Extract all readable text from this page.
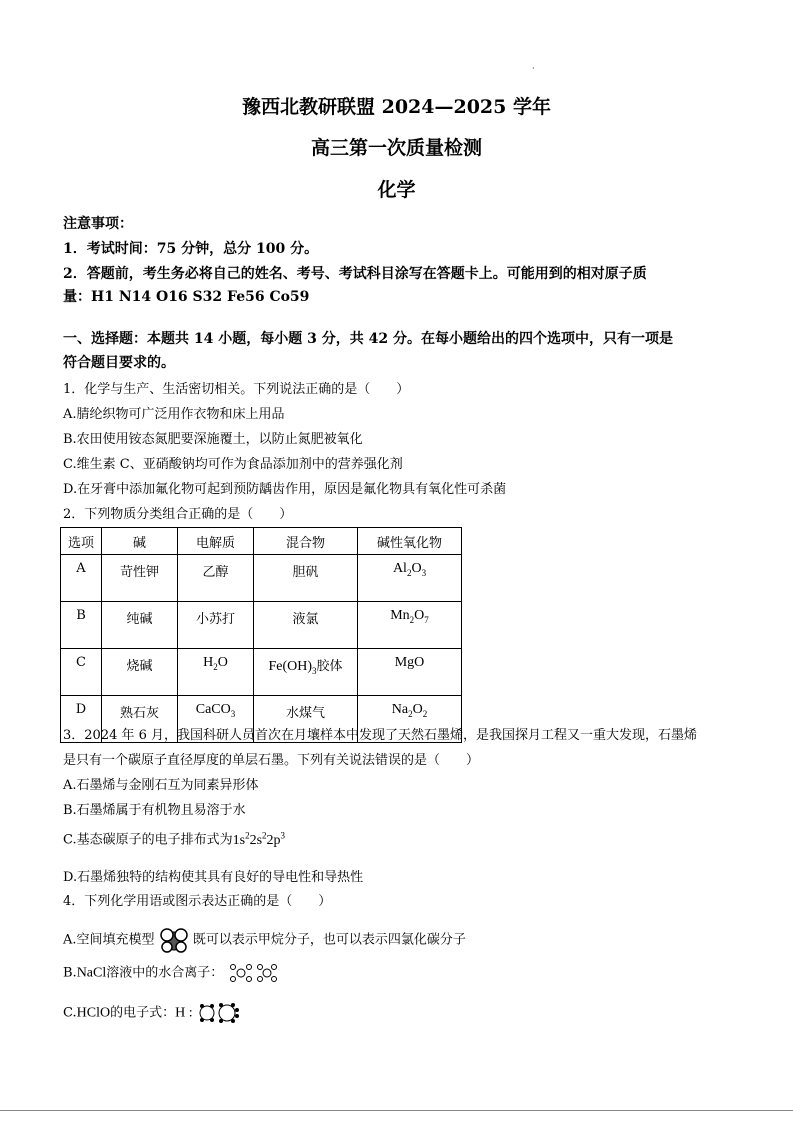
·
豫西北教研联盟 2024—2025 学年
高三第一次质量检测
化学
注意事项：
1．考试时间：75 分钟，总分 100 分。
2．答题前，考生务必将自己的姓名、考号、考试科目涂写在答题卡上。可能用到的相对原子质
量：H1 N14 O16 S32 Fe56 Co59
一、选择题：本题共 14 小题，每小题 3 分，共 42 分。在每小题给出的四个选项中，只有一项是
符合题目要求的。
1．化学与生产、生活密切相关。下列说法正确的是（　　）
A.腈纶织物可广泛用作衣物和床上用品
B.农田使用铵态氮肥要深施覆土，以防止氮肥被氧化
C.维生素 C、亚硝酸钠均可作为食品添加剂中的营养强化剂
D.在牙膏中添加氟化物可起到预防龋齿作用，原因是氟化物具有氧化性可杀菌
2．下列物质分类组合正确的是（　　）
选项	碱	电解质	混合物	碱性氧化物
A	苛性钾	乙醇	胆矾	$Al_2O_3$
B	纯碱	小苏打	液氯	$Mn_2O_7$
C	烧碱	$H_2O$	$Fe(OH)_3$胶体	MgO
D	熟石灰	CaCO$_3$	水煤气	$Na_2O_2$
3．2024 年 6 月，我国科研人员首次在月壤样本中发现了天然石墨烯，是我国探月工程又一重大发现，石墨烯
是只有一个碳原子直径厚度的单层石墨。下列有关说法错误的是（　　）
A.石墨烯与金刚石互为同素异形体
B.石墨烯属于有机物且易溶于水
C.基态碳原子的电子排布式为$1s^22s^22p^3$
D.石墨烯独特的结构使其具有良好的导电性和导热性
4．下列化学用语或图示表达正确的是（　　）
A.空间填充模型	既可以表示甲烷分子，也可以表示四氯化碳分子
B.NaCl溶液中的水合离子：
C.HClO的电子式：H :
